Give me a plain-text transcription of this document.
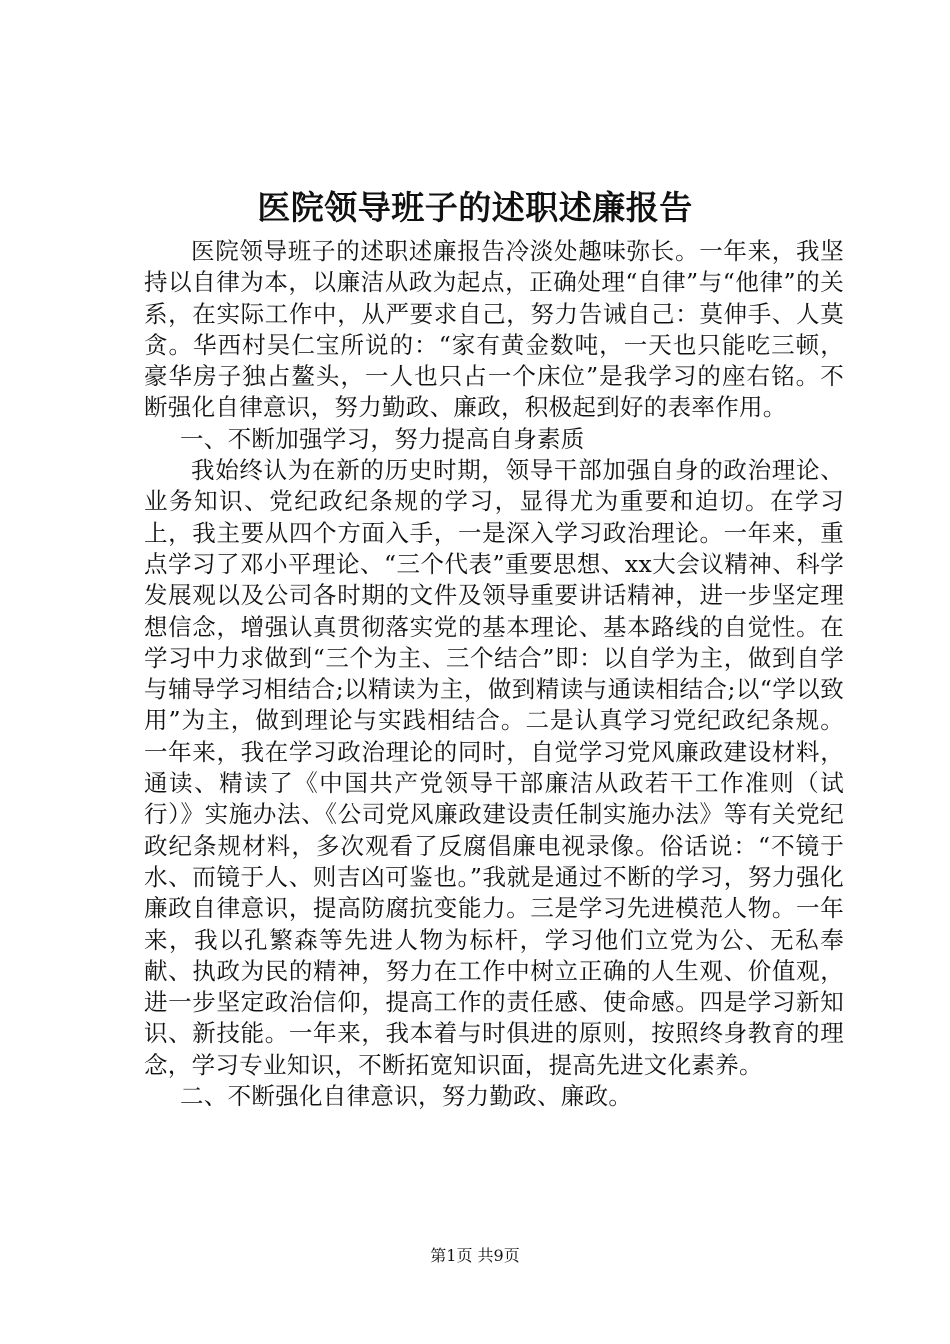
医院领导班子的述职述廉报告

医院领导班子的述职述廉报告冷淡处趣味弥长。一年来，我坚持以自律为本，以廉洁从政为起点，正确处理“自律”与“他律”的关系，在实际工作中，从严要求自己，努力告诫自己：莫伸手、人莫贪。华西村吴仁宝所说的：“家有黄金数吨，一天也只能吃三顿，豪华房子独占鳌头，一人也只占一个床位”是我学习的座右铭。不断强化自律意识，努力勤政、廉政，积极起到好的表率作用。

一、不断加强学习，努力提高自身素质

我始终认为在新的历史时期，领导干部加强自身的政治理论、业务知识、党纪政纪条规的学习，显得尤为重要和迫切。在学习上，我主要从四个方面入手，一是深入学习政治理论。一年来，重点学习了邓小平理论、“三个代表”重要思想、xx大会议精神、科学发展观以及公司各时期的文件及领导重要讲话精神，进一步坚定理想信念，增强认真贯彻落实党的基本理论、基本路线的自觉性。在学习中力求做到“三个为主、三个结合”即：以自学为主，做到自学与辅导学习相结合;以精读为主，做到精读与通读相结合;以“学以致用”为主，做到理论与实践相结合。二是认真学习党纪政纪条规。一年来，我在学习政治理论的同时，自觉学习党风廉政建设材料，通读、精读了《中国共产党领导干部廉洁从政若干工作准则（试行）》实施办法、《公司党风廉政建设责任制实施办法》等有关党纪政纪条规材料，多次观看了反腐倡廉电视录像。俗话说：“不镜于水、而镜于人、则吉凶可鉴也。”我就是通过不断的学习，努力强化廉政自律意识，提高防腐抗变能力。三是学习先进模范人物。一年来，我以孔繁森等先进人物为标杆，学习他们立党为公、无私奉献、执政为民的精神，努力在工作中树立正确的人生观、价值观，进一步坚定政治信仰，提高工作的责任感、使命感。四是学习新知识、新技能。一年来，我本着与时俱进的原则，按照终身教育的理念，学习专业知识，不断拓宽知识面，提高先进文化素养。

二、不断强化自律意识，努力勤政、廉政。

第1页 共9页
